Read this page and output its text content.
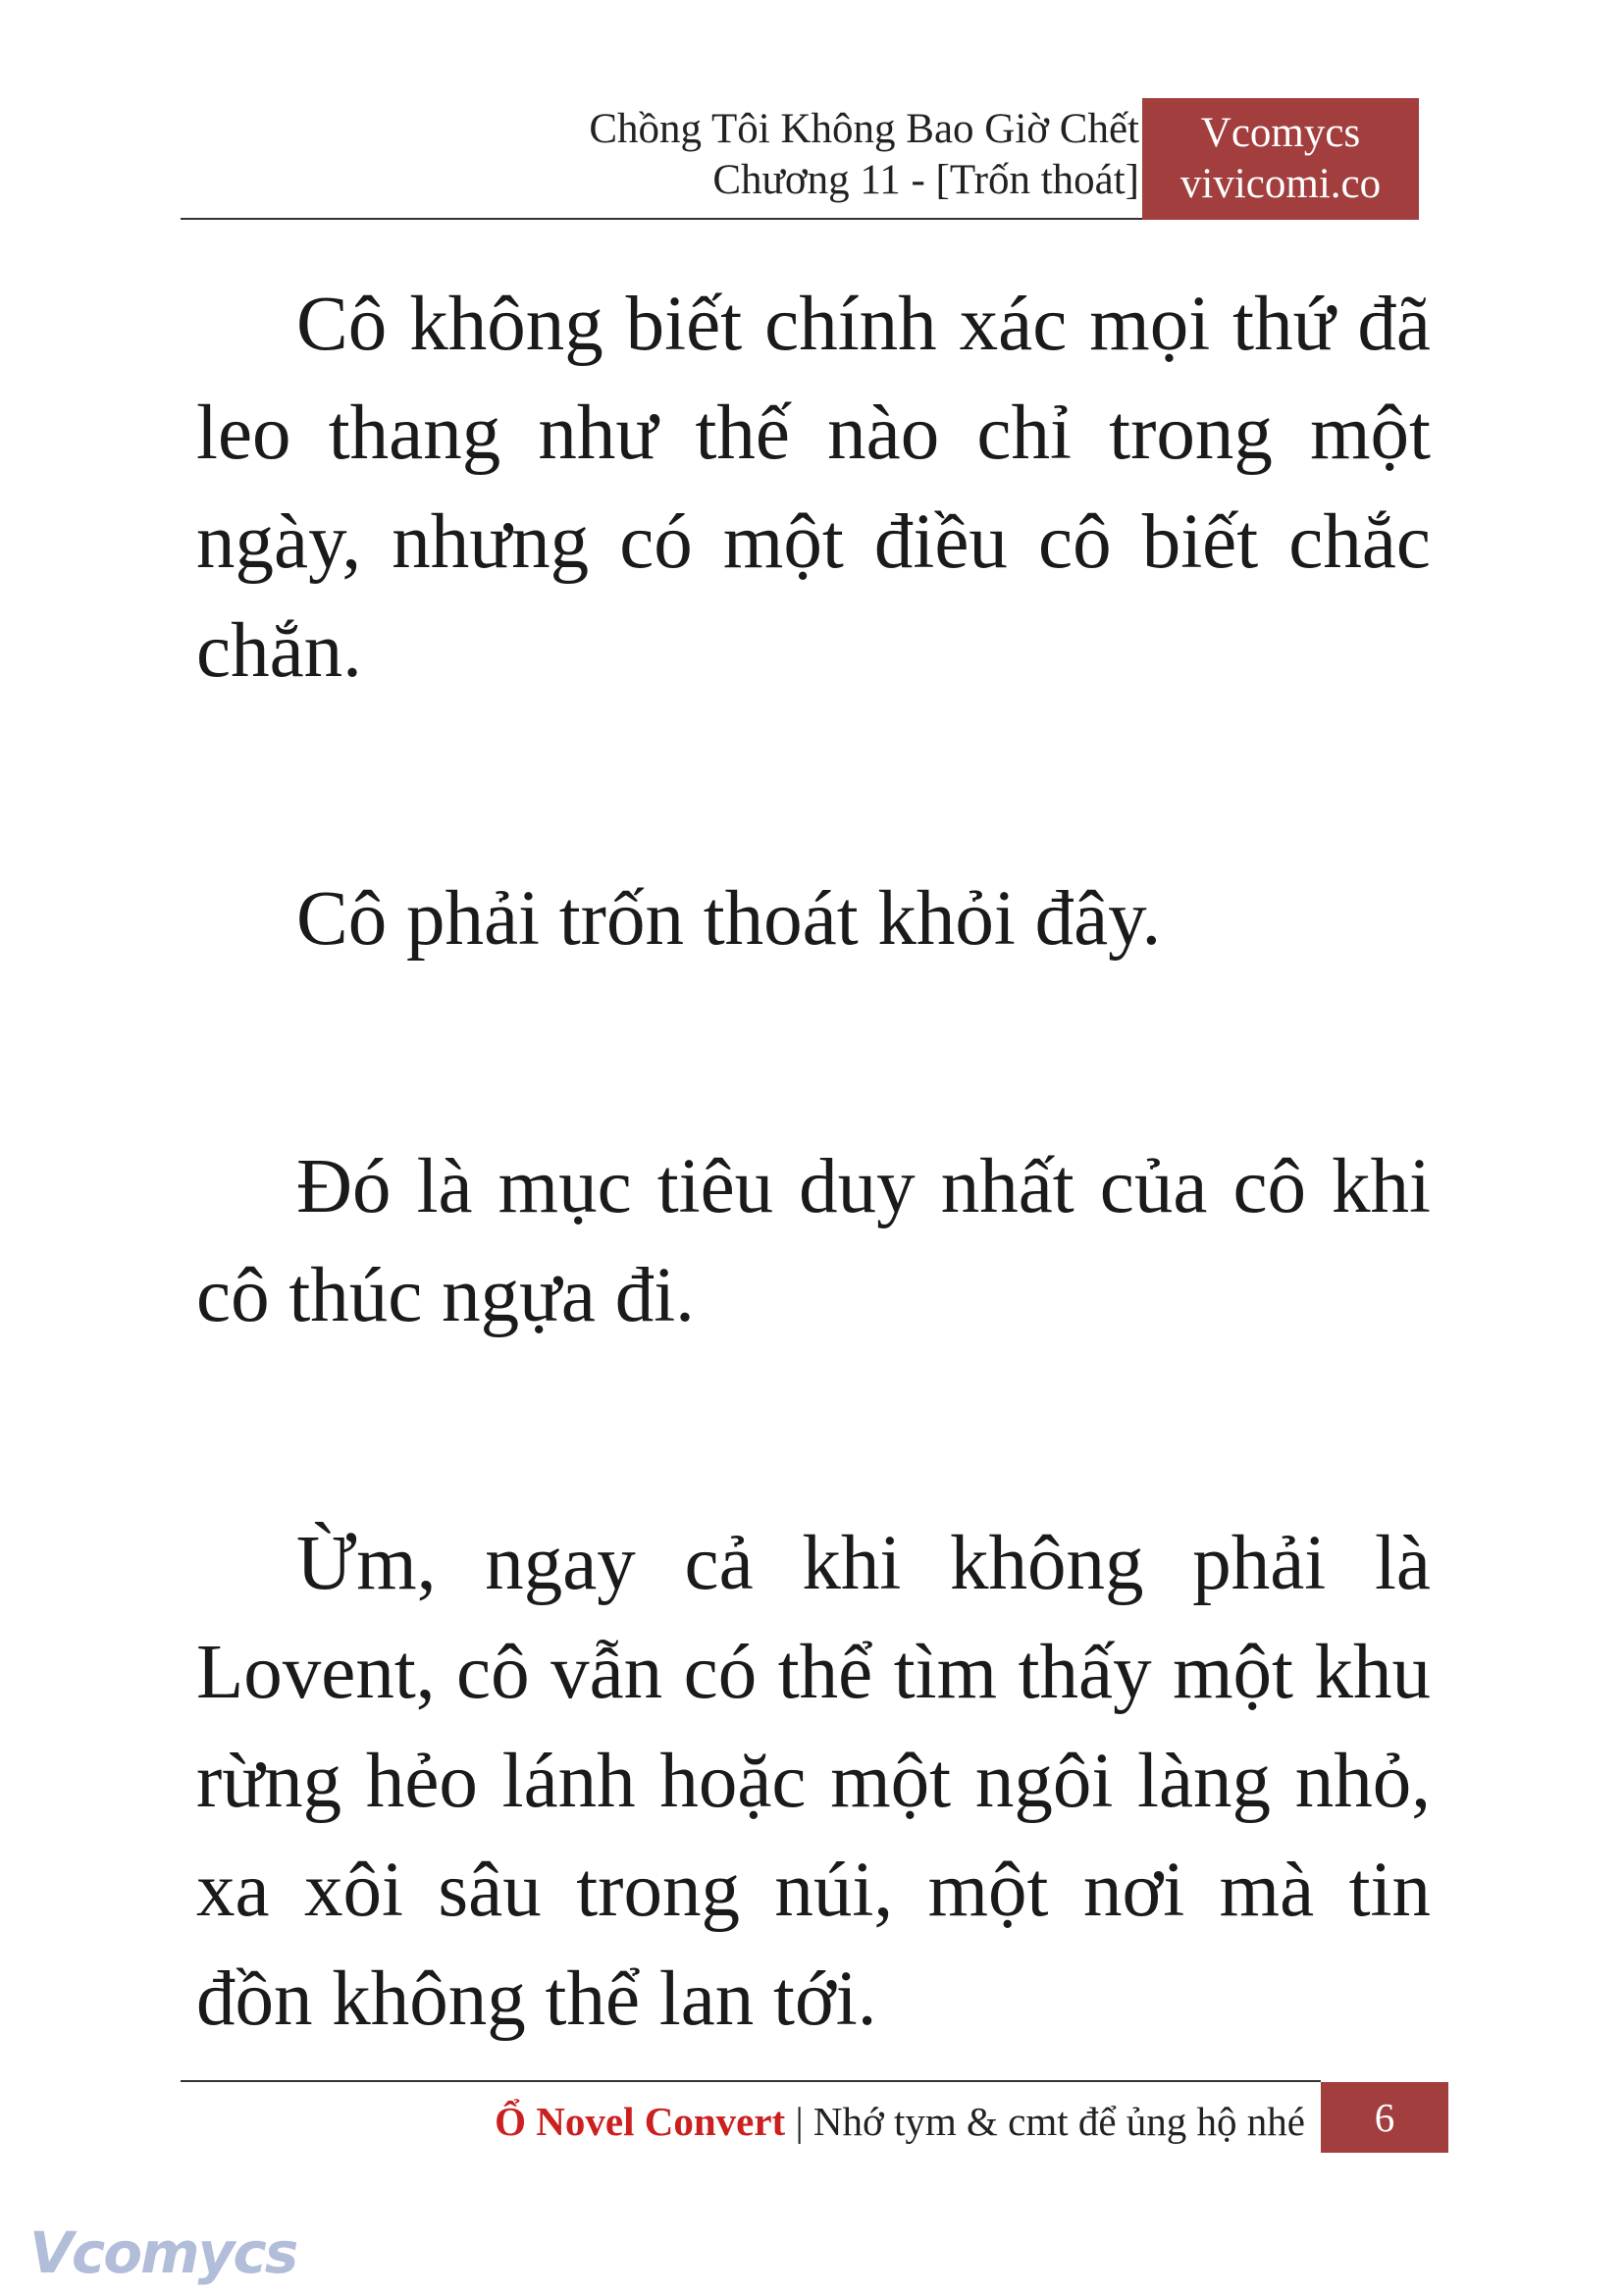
Chồng Tôi Không Bao Giờ Chết
Chương 11 - [Trốn thoát]
Vcomycs
vivicomi.co

Cô không biết chính xác mọi thứ đã leo thang như thế nào chỉ trong một ngày, nhưng có một điều cô biết chắc chắn.

Cô phải trốn thoát khỏi đây.

Đó là mục tiêu duy nhất của cô khi cô thúc ngựa đi.

Ừm, ngay cả khi không phải là Lovent, cô vẫn có thể tìm thấy một khu rừng hẻo lánh hoặc một ngôi làng nhỏ, xa xôi sâu trong núi, một nơi mà tin đồn không thể lan tới.

Ổ Novel Convert | Nhớ tym & cmt để ủng hộ nhé	6
Vcomycs
